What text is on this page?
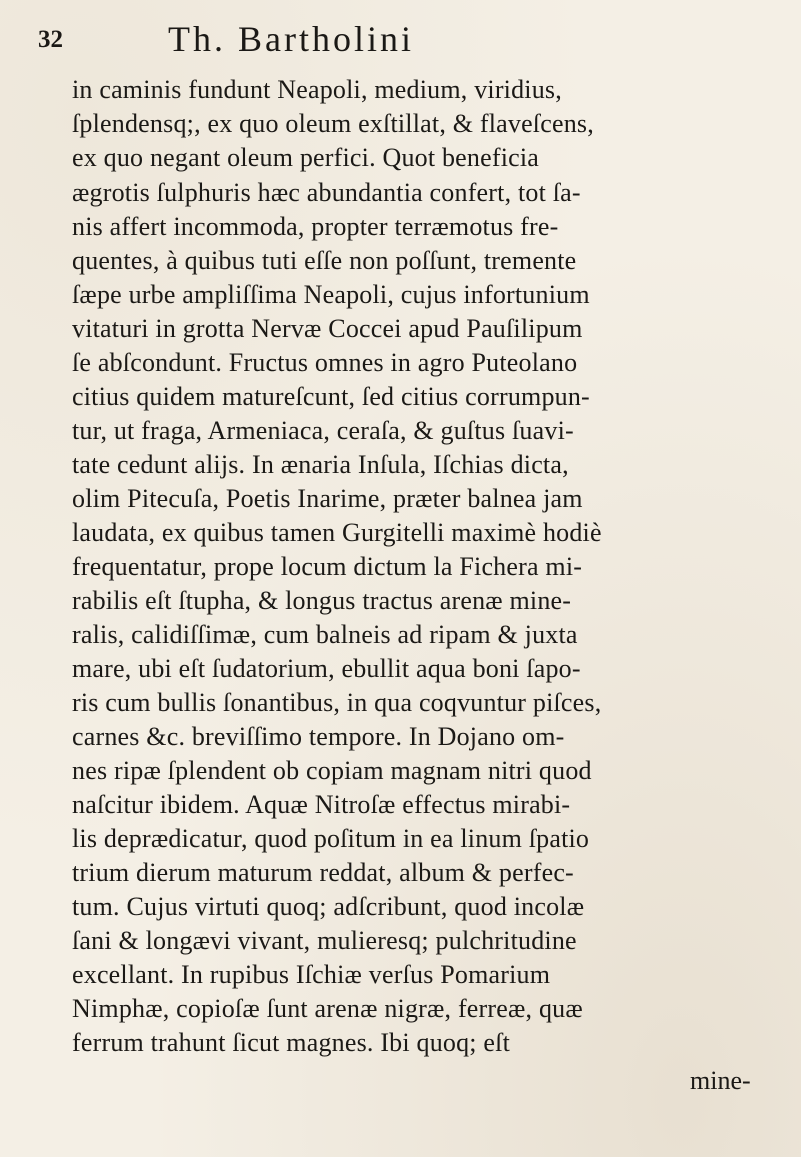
32	Th. Bartholini
in caminis fundunt Neapoli, medium, viridius,
ſplendensq;, ex quo oleum exſtillat, & flaveſcens,
ex quo negant oleum perfici. Quot beneficia
ægrotis ſulphuris hæc abundantia confert, tot ſa-
nis affert incommoda, propter terræmotus fre-
quentes, à quibus tuti eſſe non poſſunt, tremente
ſæpe urbe ampliſſima Neapoli, cujus infortunium
vitaturi in grotta Nervæ Coccei apud Pauſilipum
ſe abſcondunt. Fructus omnes in agro Puteolano
citius quidem matureſcunt, ſed citius corrumpun-
tur, ut fraga, Armeniaca, ceraſa, & guſtus ſuavi-
tate cedunt alijs. In ænaria Inſula, Iſchias dicta,
olim Pitecuſa, Poetis Inarime, præter balnea jam
laudata, ex quibus tamen Gurgitelli maximè hodiè
frequentatur, prope locum dictum la Fichera mi-
rabilis eſt ſtupha, & longus tractus arenæ mine-
ralis, calidiſſimæ, cum balneis ad ripam & juxta
mare, ubi eſt ſudatorium, ebullit aqua boni ſapo-
ris cum bullis ſonantibus, in qua coqvuntur piſces,
carnes &c. breviſſimo tempore. In Dojano om-
nes ripæ ſplendent ob copiam magnam nitri quod
naſcitur ibidem. Aquæ Nitroſæ effectus mirabi-
lis deprædicatur, quod poſitum in ea linum ſpatio
trium dierum maturum reddat, album & perfec-
tum. Cujus virtuti quoq; adſcribunt, quod incolæ
ſani & longævi vivant, mulieresq; pulchritudine
excellant. In rupibus Iſchiæ verſus Pomarium
Nimphæ, copioſæ ſunt arenæ nigræ, ferreæ, quæ
ferrum trahunt ſicut magnes. Ibi quoq; eſt
mine-
